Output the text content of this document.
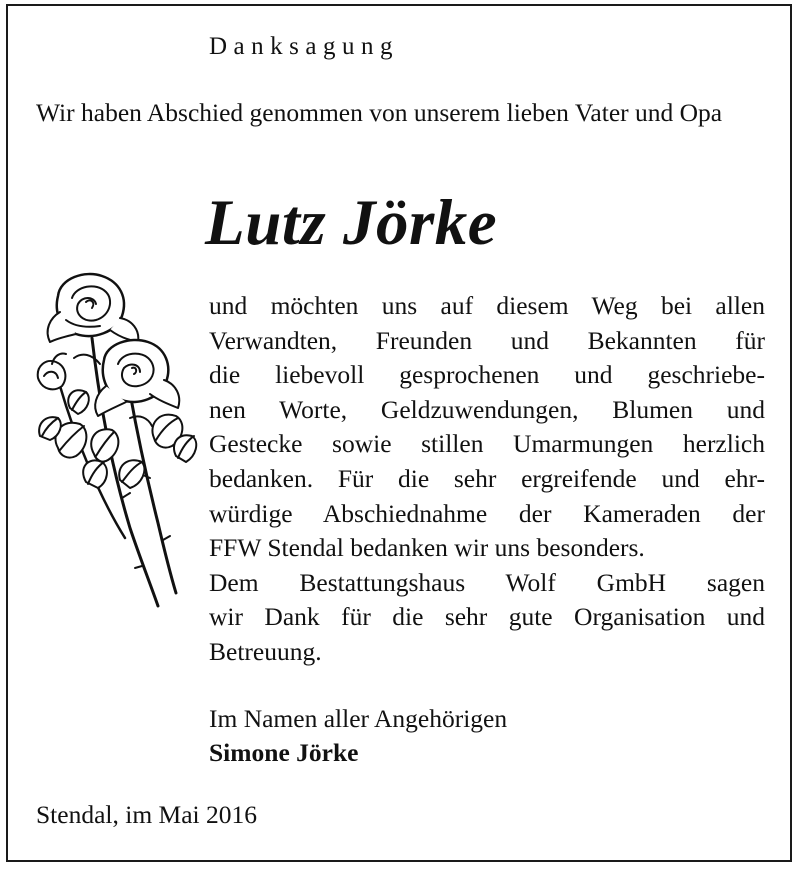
Danksagung
Wir haben Abschied genommen von unserem lieben Vater und Opa
Lutz Jörke
und möchten uns auf diesem Weg bei allen
Verwandten, Freunden und Bekannten für
die liebevoll gesprochenen und geschriebe-
nen Worte, Geldzuwendungen, Blumen und
Gestecke sowie stillen Umarmungen herzlich
bedanken. Für die sehr ergreifende und ehr-
würdige Abschiednahme der Kameraden der
FFW Stendal bedanken wir uns besonders.
Dem Bestattungshaus Wolf GmbH sagen
wir Dank für die sehr gute Organisation und
Betreuung.
Im Namen aller Angehörigen
Simone Jörke
Stendal, im Mai 2016
